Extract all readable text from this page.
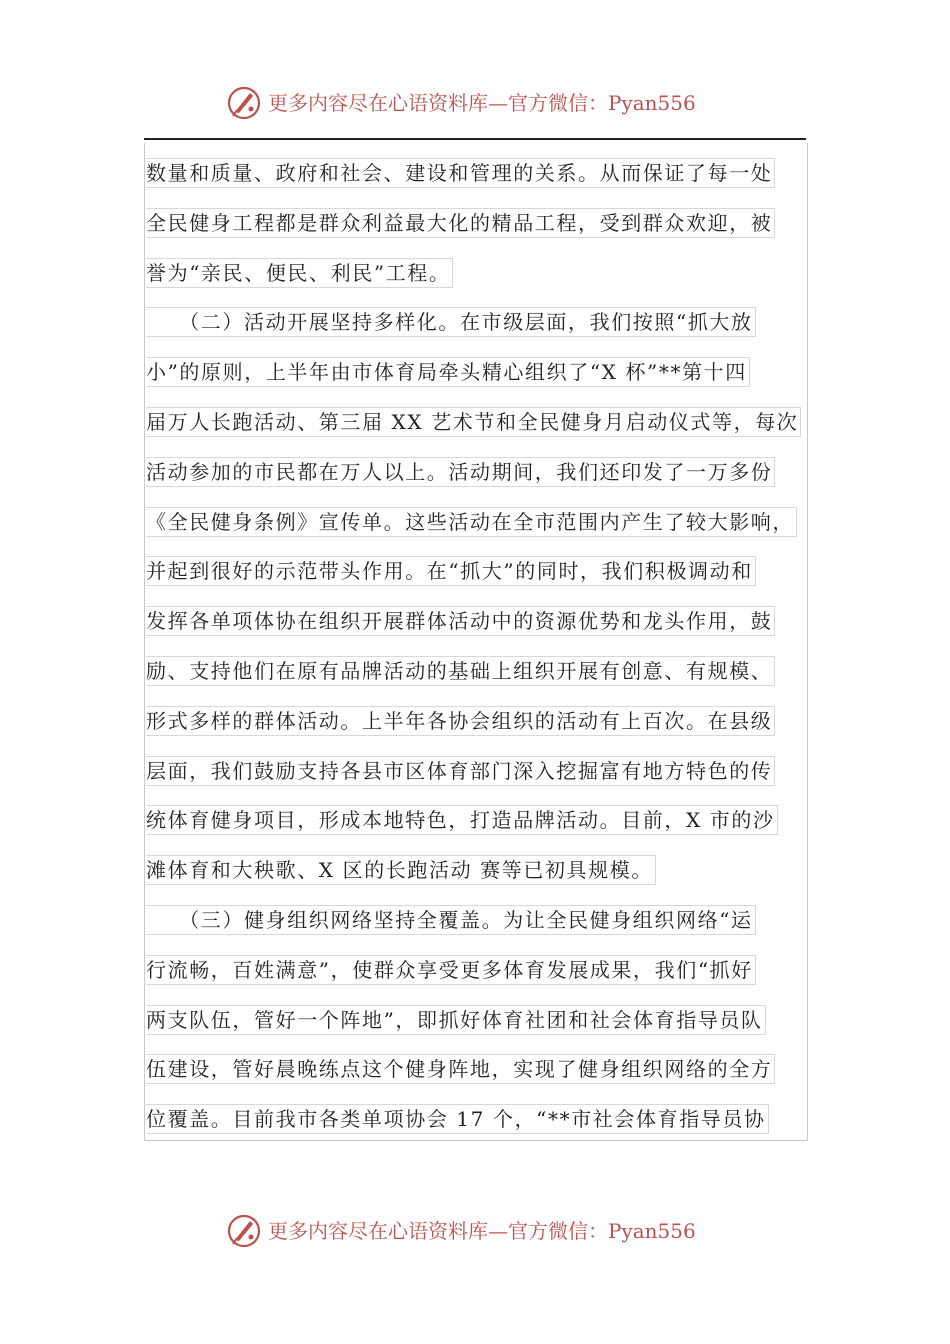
更多内容尽在心语资料库—官方微信：Pyan556
数量和质量、政府和社会、建设和管理的关系。从而保证了每一处
全民健身工程都是群众利益最大化的精品工程，受到群众欢迎，被
誉为“亲民、便民、利民”工程。
　　（二）活动开展坚持多样化。在市级层面，我们按照“抓大放
小”的原则，上半年由市体育局牵头精心组织了“X 杯”**第十四
届万人长跑活动、第三届 XX 艺术节和全民健身月启动仪式等，每次
活动参加的市民都在万人以上。活动期间，我们还印发了一万多份
《全民健身条例》宣传单。这些活动在全市范围内产生了较大影响，
并起到很好的示范带头作用。在“抓大”的同时，我们积极调动和
发挥各单项体协在组织开展群体活动中的资源优势和龙头作用，鼓
励、支持他们在原有品牌活动的基础上组织开展有创意、有规模、
形式多样的群体活动。上半年各协会组织的活动有上百次。在县级
层面，我们鼓励支持各县市区体育部门深入挖掘富有地方特色的传
统体育健身项目，形成本地特色，打造品牌活动。目前，X 市的沙
滩体育和大秧歌、X 区的长跑活动 赛等已初具规模。
　　（三）健身组织网络坚持全覆盖。为让全民健身组织网络“运
行流畅，百姓满意”，使群众享受更多体育发展成果，我们“抓好
两支队伍，管好一个阵地”，即抓好体育社团和社会体育指导员队
伍建设，管好晨晚练点这个健身阵地，实现了健身组织网络的全方
位覆盖。目前我市各类单项协会 17 个，“**市社会体育指导员协
更多内容尽在心语资料库—官方微信：Pyan556
